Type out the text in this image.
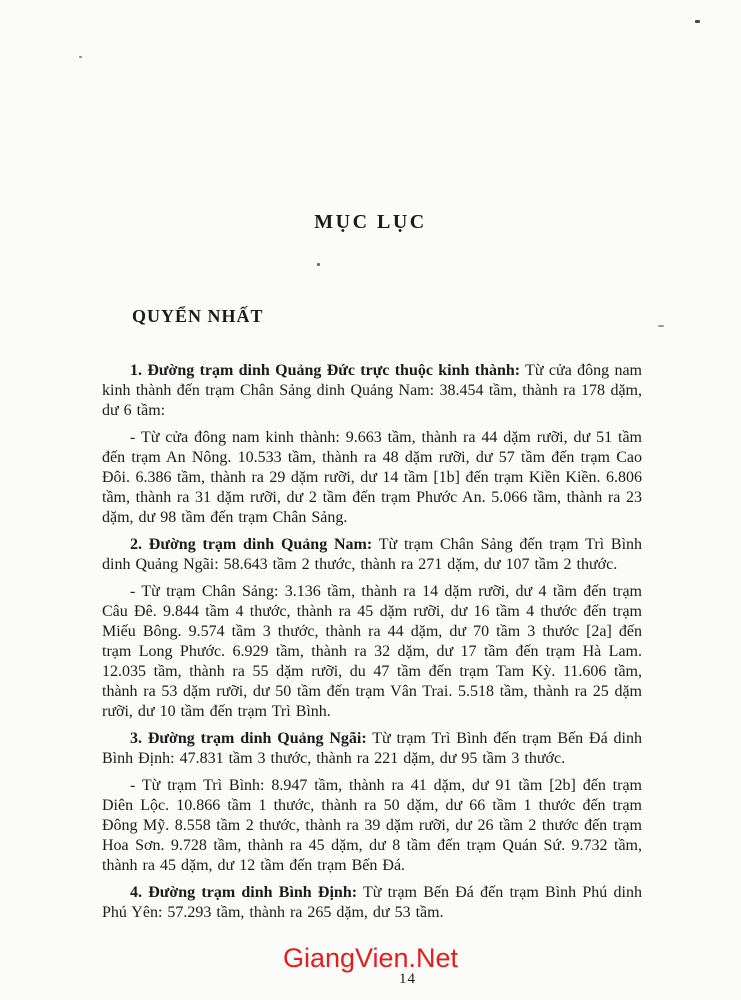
MỤC LỤC
QUYỂN NHẤT

1. Đường trạm dinh Quảng Đức trực thuộc kinh thành: Từ cửa đông nam kinh thành đến trạm Chân Sảng dinh Quảng Nam: 38.454 tầm, thành ra 178 dặm, dư 6 tầm:

- Từ cửa đông nam kinh thành: 9.663 tầm, thành ra 44 dặm rưỡi, dư 51 tầm đến trạm An Nông. 10.533 tầm, thành ra 48 dặm rưỡi, dư 57 tầm đến trạm Cao Đôi. 6.386 tầm, thành ra 29 dặm rưỡi, dư 14 tầm [1b] đến trạm Kiền Kiền. 6.806 tầm, thành ra 31 dặm rưỡi, dư 2 tầm đến trạm Phước An. 5.066 tầm, thành ra 23 dặm, dư 98 tầm đến trạm Chân Sảng.

2. Đường trạm dinh Quảng Nam: Từ trạm Chân Sảng đến trạm Trì Bình dinh Quảng Ngãi: 58.643 tầm 2 thước, thành ra 271 dặm, dư 107 tầm 2 thước.

- Từ trạm Chân Sảng: 3.136 tầm, thành ra 14 dặm rưỡi, dư 4 tầm đến trạm Câu Đê. 9.844 tầm 4 thước, thành ra 45 dặm rưỡi, dư 16 tầm 4 thước đến trạm Miếu Bông. 9.574 tầm 3 thước, thành ra 44 dặm, dư 70 tầm 3 thước [2a] đến trạm Long Phước. 6.929 tầm, thành ra 32 dặm, dư 17 tầm đến trạm Hà Lam. 12.035 tầm, thành ra 55 dặm rưỡi, du 47 tầm đến trạm Tam Kỳ. 11.606 tầm, thành ra 53 dặm rưỡi, dư 50 tầm đến trạm Vân Trai. 5.518 tầm, thành ra 25 dặm rưỡi, dư 10 tầm đến trạm Trì Bình.

3. Đường trạm dinh Quảng Ngãi: Từ trạm Trì Bình đến trạm Bến Đá dinh Bình Định: 47.831 tầm 3 thước, thành ra 221 dặm, dư 95 tầm 3 thước.

- Từ trạm Trì Bình: 8.947 tầm, thành ra 41 dặm, dư 91 tầm [2b] đến trạm Diên Lộc. 10.866 tầm 1 thước, thành ra 50 dặm, dư 66 tầm 1 thước đến trạm Đông Mỹ. 8.558 tầm 2 thước, thành ra 39 dặm rưỡi, dư 26 tầm 2 thước đến trạm Hoa Sơn. 9.728 tầm, thành ra 45 dặm, dư 8 tầm đến trạm Quán Sứ. 9.732 tầm, thành ra 45 dặm, dư 12 tầm đến trạm Bến Đá.

4. Đường trạm dinh Bình Định: Từ trạm Bến Đá đến trạm Bình Phú dinh Phú Yên: 57.293 tầm, thành ra 265 dặm, dư 53 tầm.

GiangVien.Net
14
